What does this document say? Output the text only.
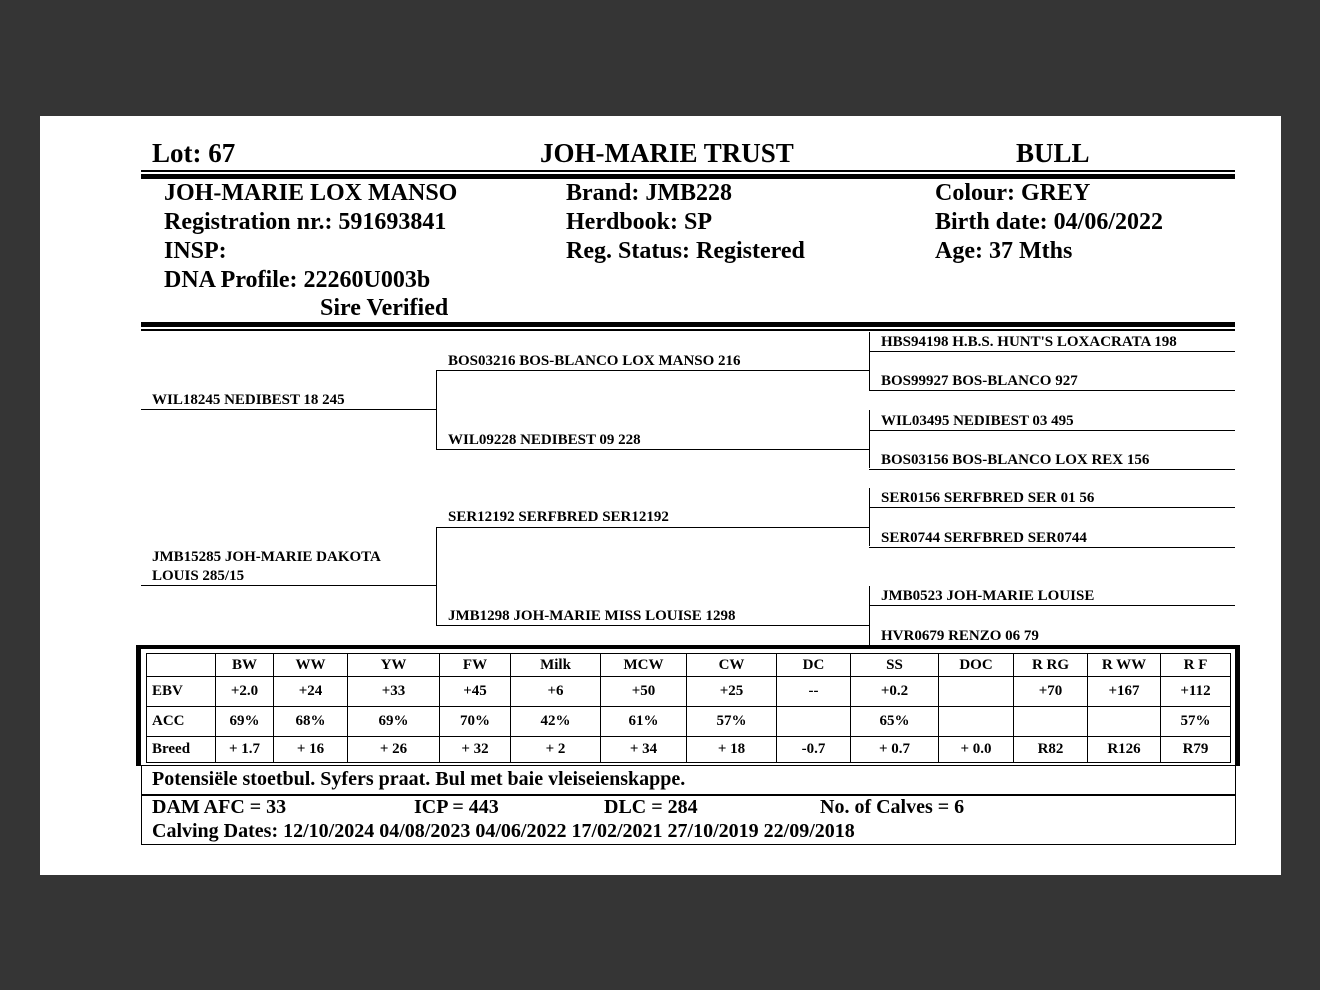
Lot: 67	JOH-MARIE TRUST	BULL
JOH-MARIE LOX MANSO
Registration nr.: 591693841
INSP:
DNA Profile: 22260U003b
Sire Verified
Brand: JMB228
Herdbook: SP
Reg. Status: Registered
Colour: GREY
Birth date: 04/06/2022
Age: 37 Mths
WIL18245 NEDIBEST 18 245
JMB15285 JOH-MARIE DAKOTA
LOUIS 285/15
BOS03216 BOS-BLANCO LOX MANSO 216
WIL09228 NEDIBEST 09 228
SER12192 SERFBRED SER12192
JMB1298 JOH-MARIE MISS LOUISE 1298
HBS94198 H.B.S. HUNT'S LOXACRATA 198
BOS99927 BOS-BLANCO 927
WIL03495 NEDIBEST 03 495
BOS03156 BOS-BLANCO LOX REX 156
SER0156 SERFBRED SER 01 56
SER0744 SERFBRED SER0744
JMB0523 JOH-MARIE LOUISE
HVR0679 RENZO 06 79
	BW	WW	YW	FW	Milk	MCW	CW	DC	SS	DOC	R RG	R WW	R F
EBV	+2.0	+24	+33	+45	+6	+50	+25	--	+0.2		+70	+167	+112
ACC	69%	68%	69%	70%	42%	61%	57%		65%				57%
Breed	+ 1.7	+ 16	+ 26	+ 32	+ 2	+ 34	+ 18	-0.7	+ 0.7	+ 0.0	R82	R126	R79
Potensiële stoetbul. Syfers praat. Bul met baie vleiseienskappe.
DAM AFC = 33	ICP = 443	DLC = 284	No. of Calves = 6
Calving Dates: 12/10/2024 04/08/2023 04/06/2022 17/02/2021 27/10/2019 22/09/2018
